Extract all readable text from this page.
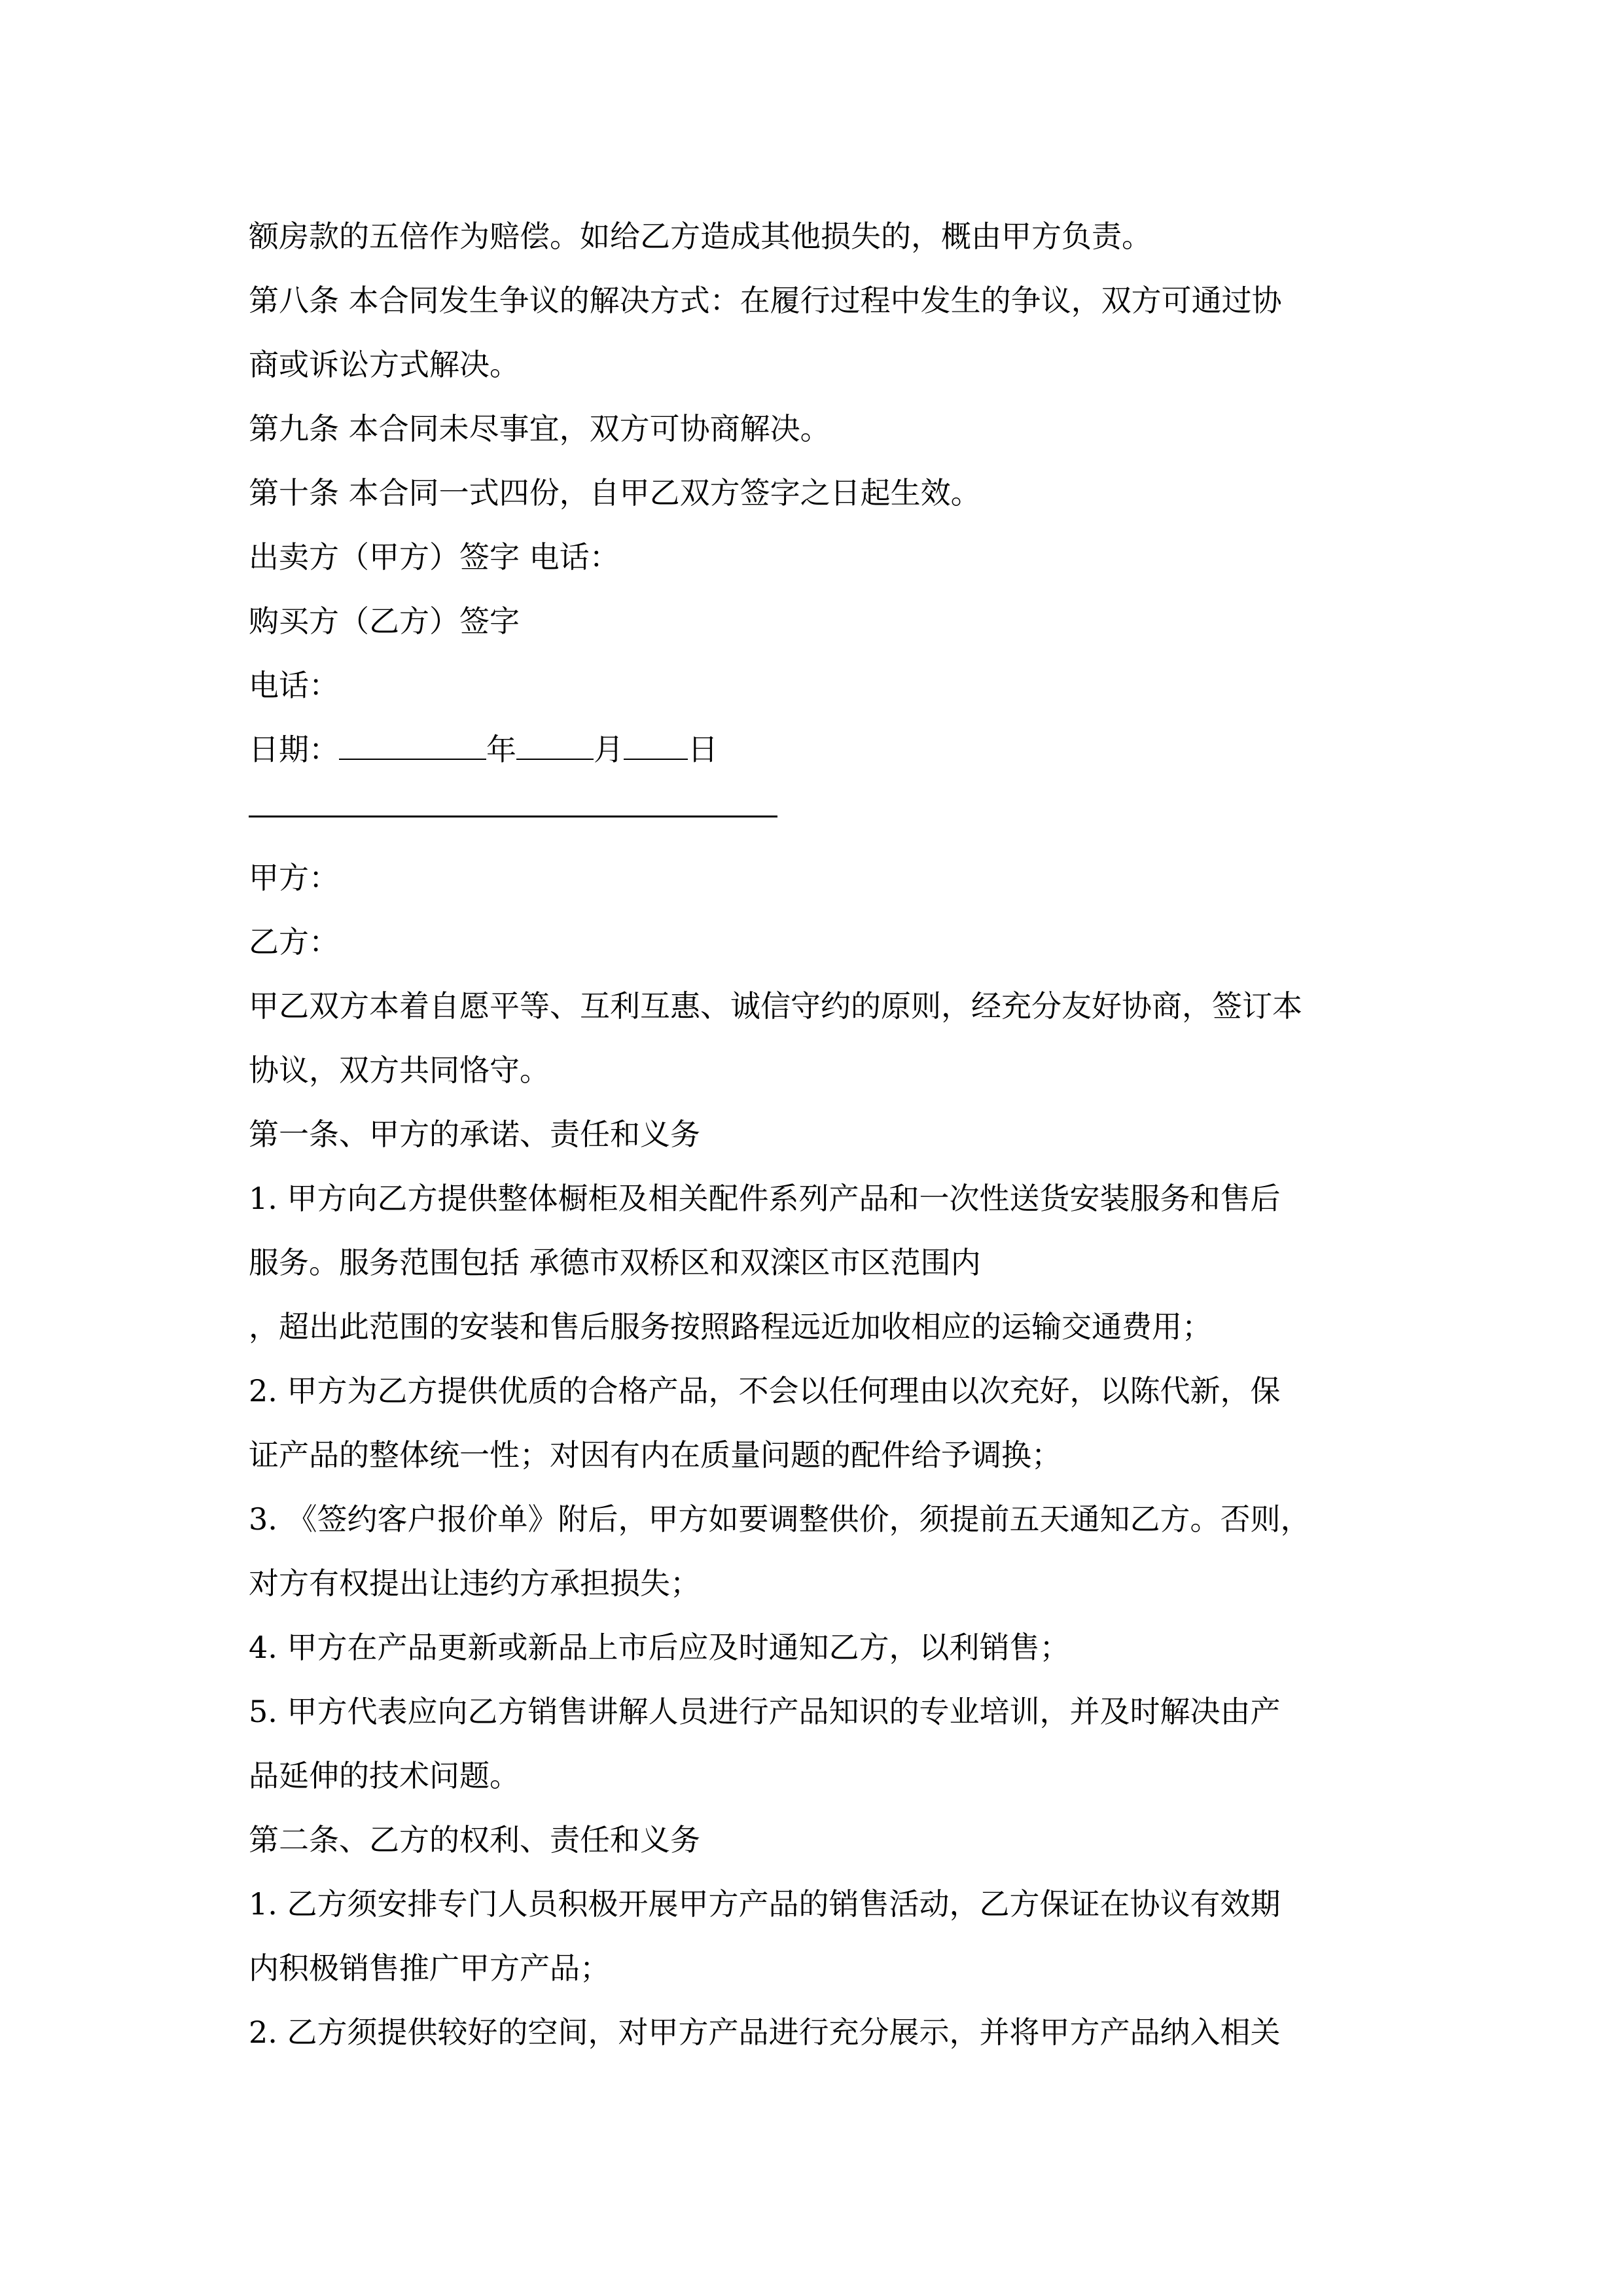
额房款的五倍作为赔偿。如给乙方造成其他损失的，概由甲方负责。
第八条 本合同发生争议的解决方式：在履行过程中发生的争议，双方可通过协
商或诉讼方式解决。
第九条 本合同未尽事宜，双方可协商解决。
第十条 本合同一式四份，自甲乙双方签字之日起生效。
出卖方（甲方）签字 电话：
购买方（乙方）签字
电话：
日期：	年	月 日
甲方：
乙方：
甲乙双方本着自愿平等、互利互惠、诚信守约的原则，经充分友好协商，签订本
协议，双方共同恪守。
第一条、甲方的承诺、责任和义务
1. 甲方向乙方提供整体橱柜及相关配件系列产品和一次性送货安装服务和售后
服务。服务范围包括 承德市双桥区和双滦区市区范围内
，超出此范围的安装和售后服务按照路程远近加收相应的运输交通费用；
2. 甲方为乙方提供优质的合格产品，不会以任何理由以次充好，以陈代新，保
证产品的整体统一性；对因有内在质量问题的配件给予调换；
3. 《签约客户报价单》附后，甲方如要调整供价，须提前五天通知乙方。否则，
对方有权提出让违约方承担损失；
4. 甲方在产品更新或新品上市后应及时通知乙方，以利销售；
5. 甲方代表应向乙方销售讲解人员进行产品知识的专业培训，并及时解决由产
品延伸的技术问题。
第二条、乙方的权利、责任和义务
1. 乙方须安排专门人员积极开展甲方产品的销售活动，乙方保证在协议有效期
内积极销售推广甲方产品；
2. 乙方须提供较好的空间，对甲方产品进行充分展示，并将甲方产品纳入相关
